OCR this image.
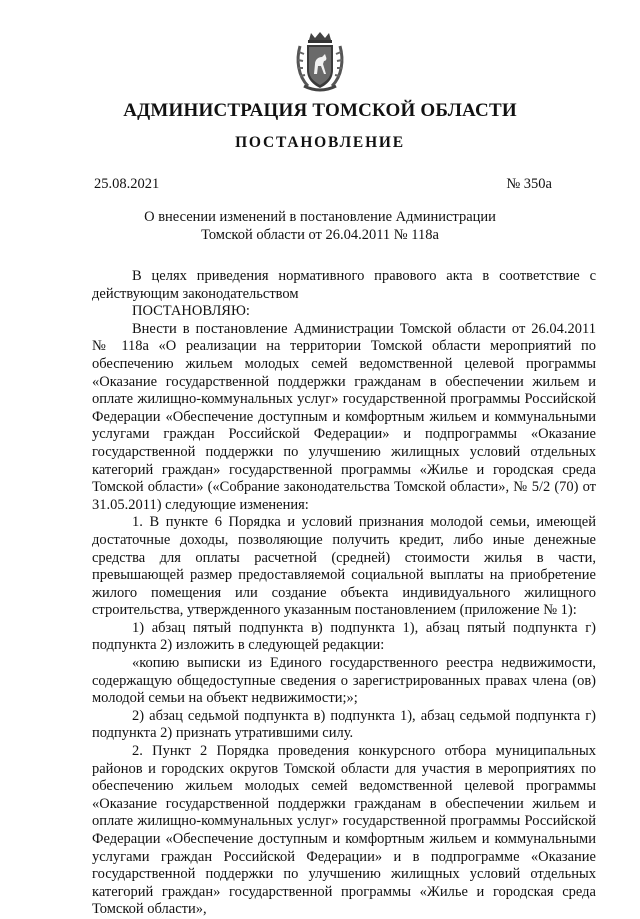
АДМИНИСТРАЦИЯ ТОМСКОЙ ОБЛАСТИ
ПОСТАНОВЛЕНИЕ
25.08.2021	№ 350а
О внесении изменений в постановление Администрации
Томской области от 26.04.2011 № 118а

В целях приведения нормативного правового акта в соответствие с действующим законодательством

ПОСТАНОВЛЯЮ:

Внести в постановление Администрации Томской области от 26.04.2011 № 118а «О реализации на территории Томской области мероприятий по обеспечению жильем молодых семей ведомственной целевой программы «Оказание государственной поддержки гражданам в обеспечении жильем и оплате жилищно-коммунальных услуг» государственной программы Российской Федерации «Обеспечение доступным и комфортным жильем и коммунальными услугами граждан Российской Федерации» и подпрограммы «Оказание государственной поддержки по улучшению жилищных условий отдельных категорий граждан» государственной программы «Жилье и городская среда Томской области» («Собрание законодательства Томской области», № 5/2 (70) от 31.05.2011) следующие изменения:

1. В пункте 6 Порядка и условий признания молодой семьи, имеющей достаточные доходы, позволяющие получить кредит, либо иные денежные средства для оплаты расчетной (средней) стоимости жилья в части, превышающей размер предоставляемой социальной выплаты на приобретение жилого помещения или создание объекта индивидуального жилищного строительства, утвержденного указанным постановлением (приложение № 1):

1) абзац пятый подпункта в) подпункта 1), абзац пятый подпункта г) подпункта 2) изложить в следующей редакции:

«копию выписки из Единого государственного реестра недвижимости, содержащую общедоступные сведения о зарегистрированных правах члена (ов) молодой семьи на объект недвижимости;»;

2) абзац седьмой подпункта в) подпункта 1), абзац седьмой подпункта г) подпункта 2) признать утратившими силу.

2. Пункт 2 Порядка проведения конкурсного отбора муниципальных районов и городских округов Томской области для участия в мероприятиях по обеспечению жильем молодых семей ведомственной целевой программы «Оказание государственной поддержки гражданам в обеспечении жильем и оплате жилищно-коммунальных услуг» государственной программы Российской Федерации «Обеспечение доступным и комфортным жильем и коммунальными услугами граждан Российской Федерации» и в подпрограмме «Оказание государственной поддержки по улучшению жилищных условий отдельных категорий граждан» государственной программы «Жилье и городская среда Томской области»,
